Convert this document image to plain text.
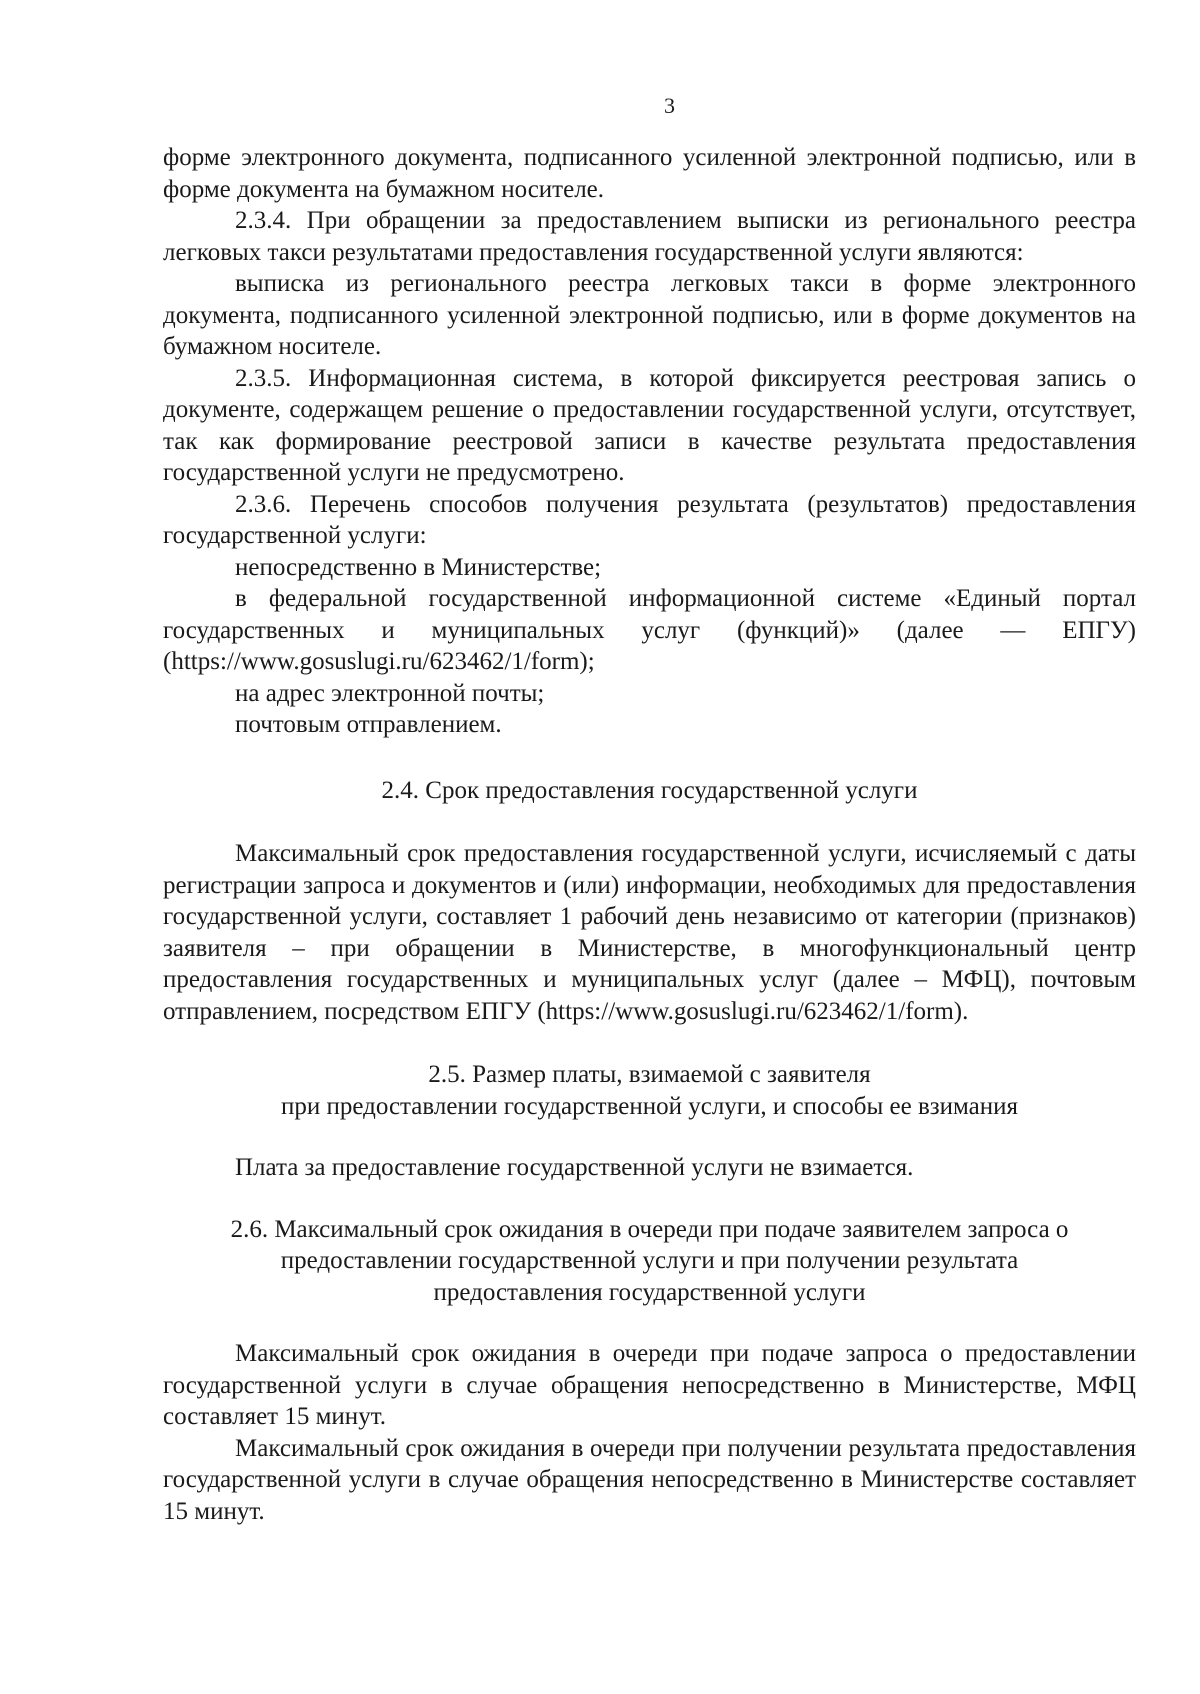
3

форме электронного документа, подписанного усиленной электронной подписью, или в форме документа на бумажном носителе.

2.3.4. При обращении за предоставлением выписки из регионального реестра легковых такси результатами предоставления государственной услуги являются:

выписка из регионального реестра легковых такси в форме электронного документа, подписанного усиленной электронной подписью, или в форме документов на бумажном носителе.

2.3.5. Информационная система, в которой фиксируется реестровая запись о документе, содержащем решение о предоставлении государственной услуги, отсутствует, так как формирование реестровой записи в качестве результата предоставления государственной услуги не предусмотрено.

2.3.6. Перечень способов получения результата (результатов) предоставления государственной услуги:

непосредственно в Министерстве;

в федеральной государственной информационной системе «Единый портал государственных и муниципальных услуг (функций)» (далее — ЕПГУ) (https://www.gosuslugi.ru/623462/1/form);

на адрес электронной почты;

почтовым отправлением.

2.4. Срок предоставления государственной услуги

Максимальный срок предоставления государственной услуги, исчисляемый с даты регистрации запроса и документов и (или) информации, необходимых для предоставления государственной услуги, составляет 1 рабочий день независимо от категории (признаков) заявителя – при обращении в Министерстве, в многофункциональный центр предоставления государственных и муниципальных услуг (далее – МФЦ), почтовым отправлением, посредством ЕПГУ (https://www.gosuslugi.ru/623462/1/form).

2.5. Размер платы, взимаемой с заявителя
при предоставлении государственной услуги, и способы ее взимания

Плата за предоставление государственной услуги не взимается.

2.6. Максимальный срок ожидания в очереди при подаче заявителем запроса о
предоставлении государственной услуги и при получении результата
предоставления государственной услуги

Максимальный срок ожидания в очереди при подаче запроса о предоставлении государственной услуги в случае обращения непосредственно в Министерстве, МФЦ составляет 15 минут.

Максимальный срок ожидания в очереди при получении результата предоставления государственной услуги в случае обращения непосредственно в Министерстве составляет 15 минут.
